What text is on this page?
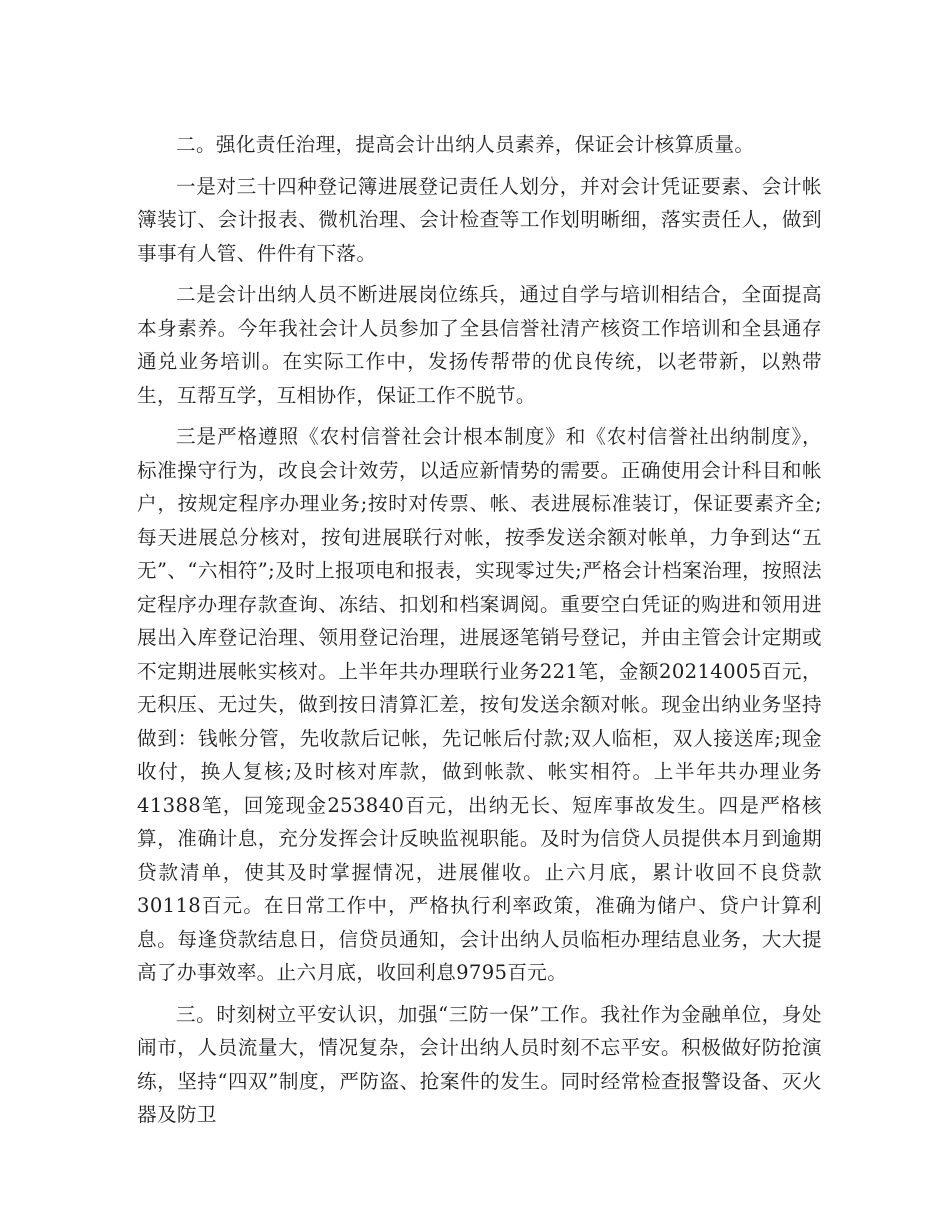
二。强化责任治理，提高会计出纳人员素养，保证会计核算质量。

一是对三十四种登记簿进展登记责任人划分，并对会计凭证要素、会计帐簿装订、会计报表、微机治理、会计检查等工作划明晰细，落实责任人，做到事事有人管、件件有下落。

二是会计出纳人员不断进展岗位练兵，通过自学与培训相结合，全面提高本身素养。今年我社会计人员参加了全县信誉社清产核资工作培训和全县通存通兑业务培训。在实际工作中，发扬传帮带的优良传统，以老带新，以熟带生，互帮互学，互相协作，保证工作不脱节。

三是严格遵照《农村信誉社会计根本制度》和《农村信誉社出纳制度》，标准操守行为，改良会计效劳，以适应新情势的需要。正确使用会计科目和帐户，按规定程序办理业务;按时对传票、帐、表进展标准装订，保证要素齐全;每天进展总分核对，按旬进展联行对帐，按季发送余额对帐单，力争到达“五无”、“六相符”;及时上报项电和报表，实现零过失;严格会计档案治理，按照法定程序办理存款查询、冻结、扣划和档案调阅。重要空白凭证的购进和领用进展出入库登记治理、领用登记治理，进展逐笔销号登记，并由主管会计定期或不定期进展帐实核对。上半年共办理联行业务221笔，金额20214005百元，无积压、无过失，做到按日清算汇差，按旬发送余额对帐。现金出纳业务坚持做到：钱帐分管，先收款后记帐，先记帐后付款;双人临柜，双人接送库;现金收付，换人复核;及时核对库款，做到帐款、帐实相符。上半年共办理业务41388笔，回笼现金253840百元，出纳无长、短库事故发生。四是严格核算，准确计息，充分发挥会计反映监视职能。及时为信贷人员提供本月到逾期贷款清单，使其及时掌握情况，进展催收。止六月底，累计收回不良贷款30118百元。在日常工作中，严格执行利率政策，准确为储户、贷户计算利息。每逢贷款结息日，信贷员通知，会计出纳人员临柜办理结息业务，大大提高了办事效率。止六月底，收回利息9795百元。

三。时刻树立平安认识，加强“三防一保”工作。我社作为金融单位，身处闹市，人员流量大，情况复杂，会计出纳人员时刻不忘平安。积极做好防抢演练，坚持“四双”制度，严防盗、抢案件的发生。同时经常检查报警设备、灭火器及防卫
